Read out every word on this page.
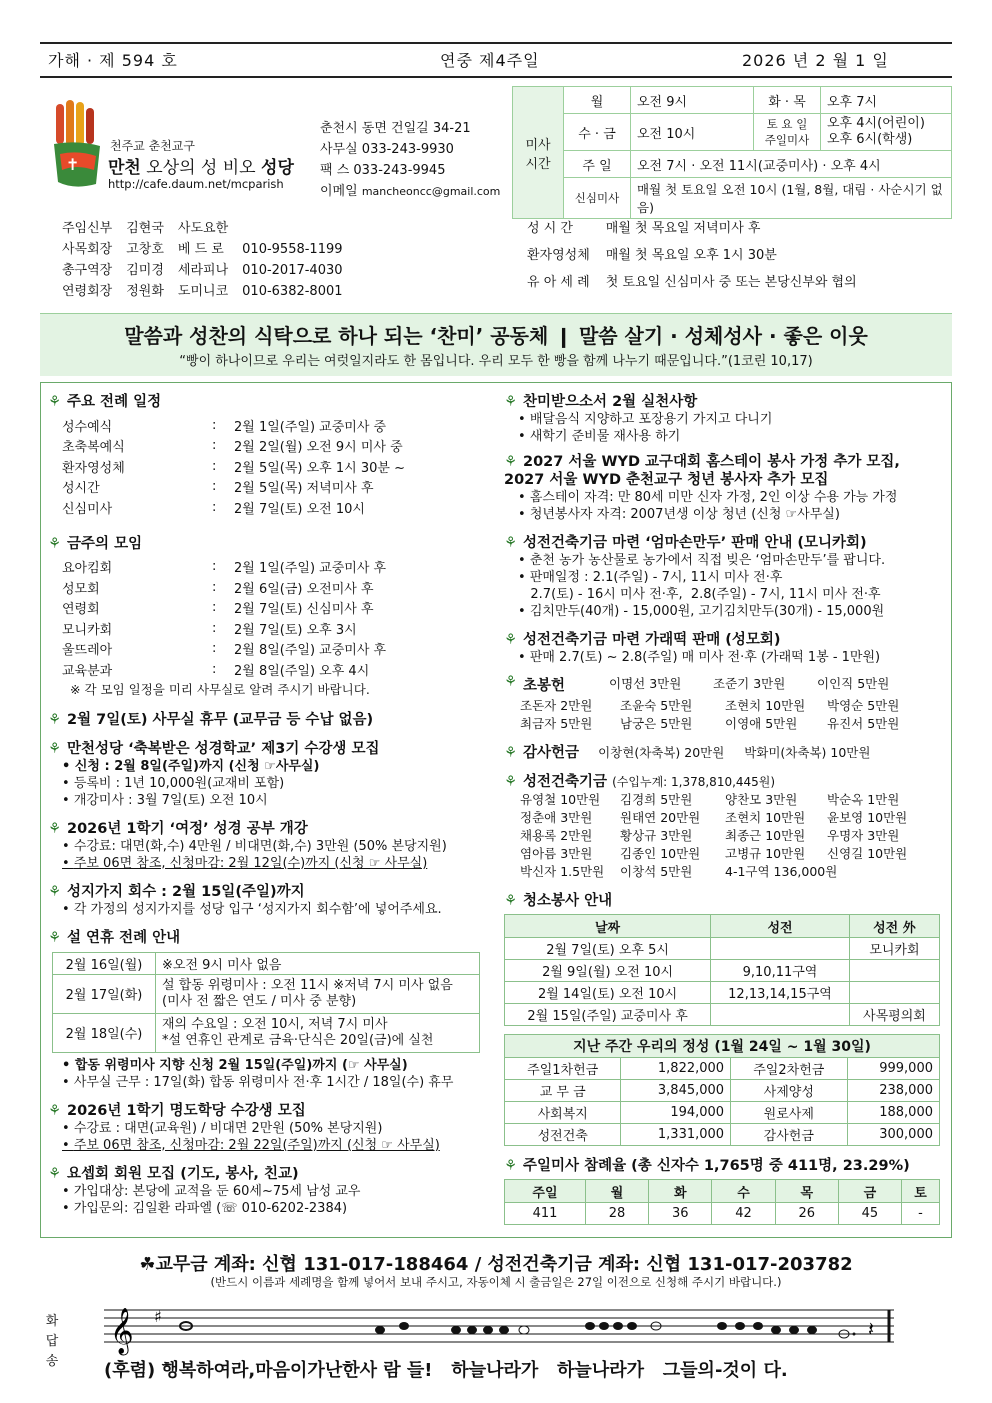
가해 · 제 594 호	연중 제4주일	2026 년 2 월 1 일
✝
천주교 춘천교구
만천 오상의 성 비오 성당
http://cafe.daum.net/mcparish
춘천시 동면 건일길 34-21
사무실 033-243-9930
팩 스 033-243-9945
이메일 mancheoncc@gmail.com
미사 시간	월	오전 9시	화 · 목	오후 7시
	수 · 금	오전 10시	토 요 일
주일미사	오후 4시(어린이)
오후 6시(학생)
	주 일	오전 7시 · 오전 11시(교중미사) · 오후 4시		
	신심미사	매월 첫 토요일 오전 10시 (1월, 8월, 대림 · 사순시기 없음)		
주임신부	김현국	사도요한	
사목회장	고창호	베 드 로	010-9558-1199
총구역장	김미경	세라피나	010-2017-4030
연령회장	정원화	도미니코	010-6382-8001
성 시 간	매월 첫 목요일 저녁미사 후
환자영성체	매월 첫 목요일 오후 1시 30분
유 아 세 례	첫 토요일 신심미사 중 또는 본당신부와 협의
말씀과 성찬의 식탁으로 하나 되는 ‘찬미’ 공동체 ❙ 말씀 살기 · 성체성사 · 좋은 이웃
“빵이 하나이므로 우리는 여럿일지라도 한 몸입니다. 우리 모두 한 빵을 함께 나누기 때문입니다.”(1코린 10,17)
⚘ 주요 전례 일정
성수예식	:	2월 1일(주일) 교중미사 중
초축복예식	:	2월 2일(월) 오전 9시 미사 중
환자영성체	:	2월 5일(목) 오후 1시 30분 ~
성시간	:	2월 5일(목) 저녁미사 후
신심미사	:	2월 7일(토) 오전 10시
⚘ 금주의 모임
요아킴회	:	2월 1일(주일) 교중미사 후
성모회	:	2월 6일(금) 오전미사 후
연령회	:	2월 7일(토) 신심미사 후
모니카회	:	2월 7일(토) 오후 3시
울뜨레아	:	2월 8일(주일) 교중미사 후
교육분과	:	2월 8일(주일) 오후 4시
※ 각 모임 일정을 미리 사무실로 알려 주시기 바랍니다.
⚘ 2월 7일(토) 사무실 휴무 (교무금 등 수납 없음)
⚘ 만천성당 ‘축복받은 성경학교’ 제3기 수강생 모집
• 신청 : 2월 8일(주일)까지 (신청 ☞사무실)
• 등록비 : 1년 10,000원(교재비 포함)
• 개강미사 : 3월 7일(토) 오전 10시
⚘ 2026년 1학기 ‘여정’ 성경 공부 개강
• 수강료: 대면(화,수) 4만원 / 비대면(화,수) 3만원 (50% 본당지원)
• 주보 06면 참조, 신청마감: 2월 12일(수)까지 (신청 ☞ 사무실)
⚘ 성지가지 회수 : 2월 15일(주일)까지
• 각 가정의 성지가지를 성당 입구 ‘성지가지 회수함’에 넣어주세요.
⚘ 설 연휴 전례 안내
2월 16일(월)	※오전 9시 미사 없음
2월 17일(화)	설 합동 위령미사 : 오전 11시 ※저녁 7시 미사 없음
(미사 전 짧은 연도 / 미사 중 분향)
2월 18일(수)	재의 수요일 : 오전 10시, 저녁 7시 미사
*설 연휴인 관계로 금육·단식은 20일(금)에 실천
• 합동 위령미사 지향 신청 2월 15일(주일)까지 (☞ 사무실)
• 사무실 근무 : 17일(화) 합동 위령미사 전·후 1시간 / 18일(수) 휴무
⚘ 2026년 1학기 명도학당 수강생 모집
• 수강료 : 대면(교육원) / 비대면 2만원 (50% 본당지원)
• 주보 06면 참조, 신청마감: 2월 22일(주일)까지 (신청 ☞ 사무실)
⚘ 요셉회 회원 모집 (기도, 봉사, 친교)
• 가입대상: 본당에 교적을 둔 60세~75세 남성 교우
• 가입문의: 김일환 라파엘 (☏ 010-6202-2384)
⚘ 찬미받으소서 2월 실천사항
• 배달음식 지양하고 포장용기 가지고 다니기
• 새학기 준비물 재사용 하기
⚘ 2027 서울 WYD 교구대회 홈스테이 봉사 가정 추가 모집,
2027 서울 WYD 춘천교구 청년 봉사자 추가 모집
• 홈스테이 자격: 만 80세 미만 신자 가정, 2인 이상 수용 가능 가정
• 청년봉사자 자격: 2007년생 이상 청년 (신청 ☞사무실)
⚘ 성전건축기금 마련 ‘엄마손만두’ 판매 안내 (모니카회)
• 춘천 농가 농산물로 농가에서 직접 빚은 ‘엄마손만두’를 팝니다.
• 판매일정 : 2.1(주일) - 7시, 11시 미사 전·후
2.7(토) - 16시 미사 전·후,  2.8(주일) - 7시, 11시 미사 전·후
• 김치만두(40개) - 15,000원, 고기김치만두(30개) - 15,000원
⚘ 성전건축기금 마련 가래떡 판매 (성모회)
• 판매 2.7(토) ~ 2.8(주일) 매 미사 전·후 (가래떡 1봉 - 1만원)
⚘ 초봉헌	이명선 3만원	조준기 3만원	이인직 5만원
조돈자 2만원	조윤숙 5만원	조현치 10만원	박영순 5만원
최금자 5만원	남궁은 5만원	이영애 5만원	유진서 5만원
⚘ 감사헌금 이창현(차축복) 20만원     박화미(차축복) 10만원
⚘ 성전건축기금 (수입누계: 1,378,810,445원)
유영철 10만원	김경희 5만원	양찬모 3만원	박순옥 1만원
정춘애 3만원	원태연 20만원	조현치 10만원	윤보영 10만원
채용록 2만원	황상규 3만원	최종근 10만원	우명자 3만원
염아름 3만원	김종인 10만원	고병규 10만원	신영길 10만원
박신자 1.5만원	이창석 5만원	4-1구역 136,000원
⚘ 청소봉사 안내
날짜	성전	성전 外
2월 7일(토) 오후 5시		모니카회
2월 9일(월) 오전 10시	9,10,11구역	
2월 14일(토) 오전 10시	12,13,14,15구역	
2월 15일(주일) 교중미사 후		사목평의회
지난 주간 우리의 정성 (1월 24일 ~ 1월 30일)			
주일1차헌금	1,822,000	주일2차헌금	999,000
교 무 금	3,845,000	사제양성	238,000
사회복지	194,000	원로사제	188,000
성전건축	1,331,000	감사헌금	300,000
⚘ 주일미사 참례율 (총 신자수 1,765명 중 411명, 23.29%)
주일	월	화	수	목	금	토
411	28	36	42	26	45	-
☘교무금 계좌: 신협 131-017-188464 / 성전건축기금 계좌: 신협 131-017-203782
(반드시 이름과 세례명을 함께 넣어서 보내 주시고, 자동이체 시 출금일은 27일 이전으로 신청해 주시기 바랍니다.)
화
답
송
𝄞 ♯
𝄽
(후렴) 행복하여라,마음이가난한사 람 들!   하늘나라가   하늘나라가   그들의-것이 다.
